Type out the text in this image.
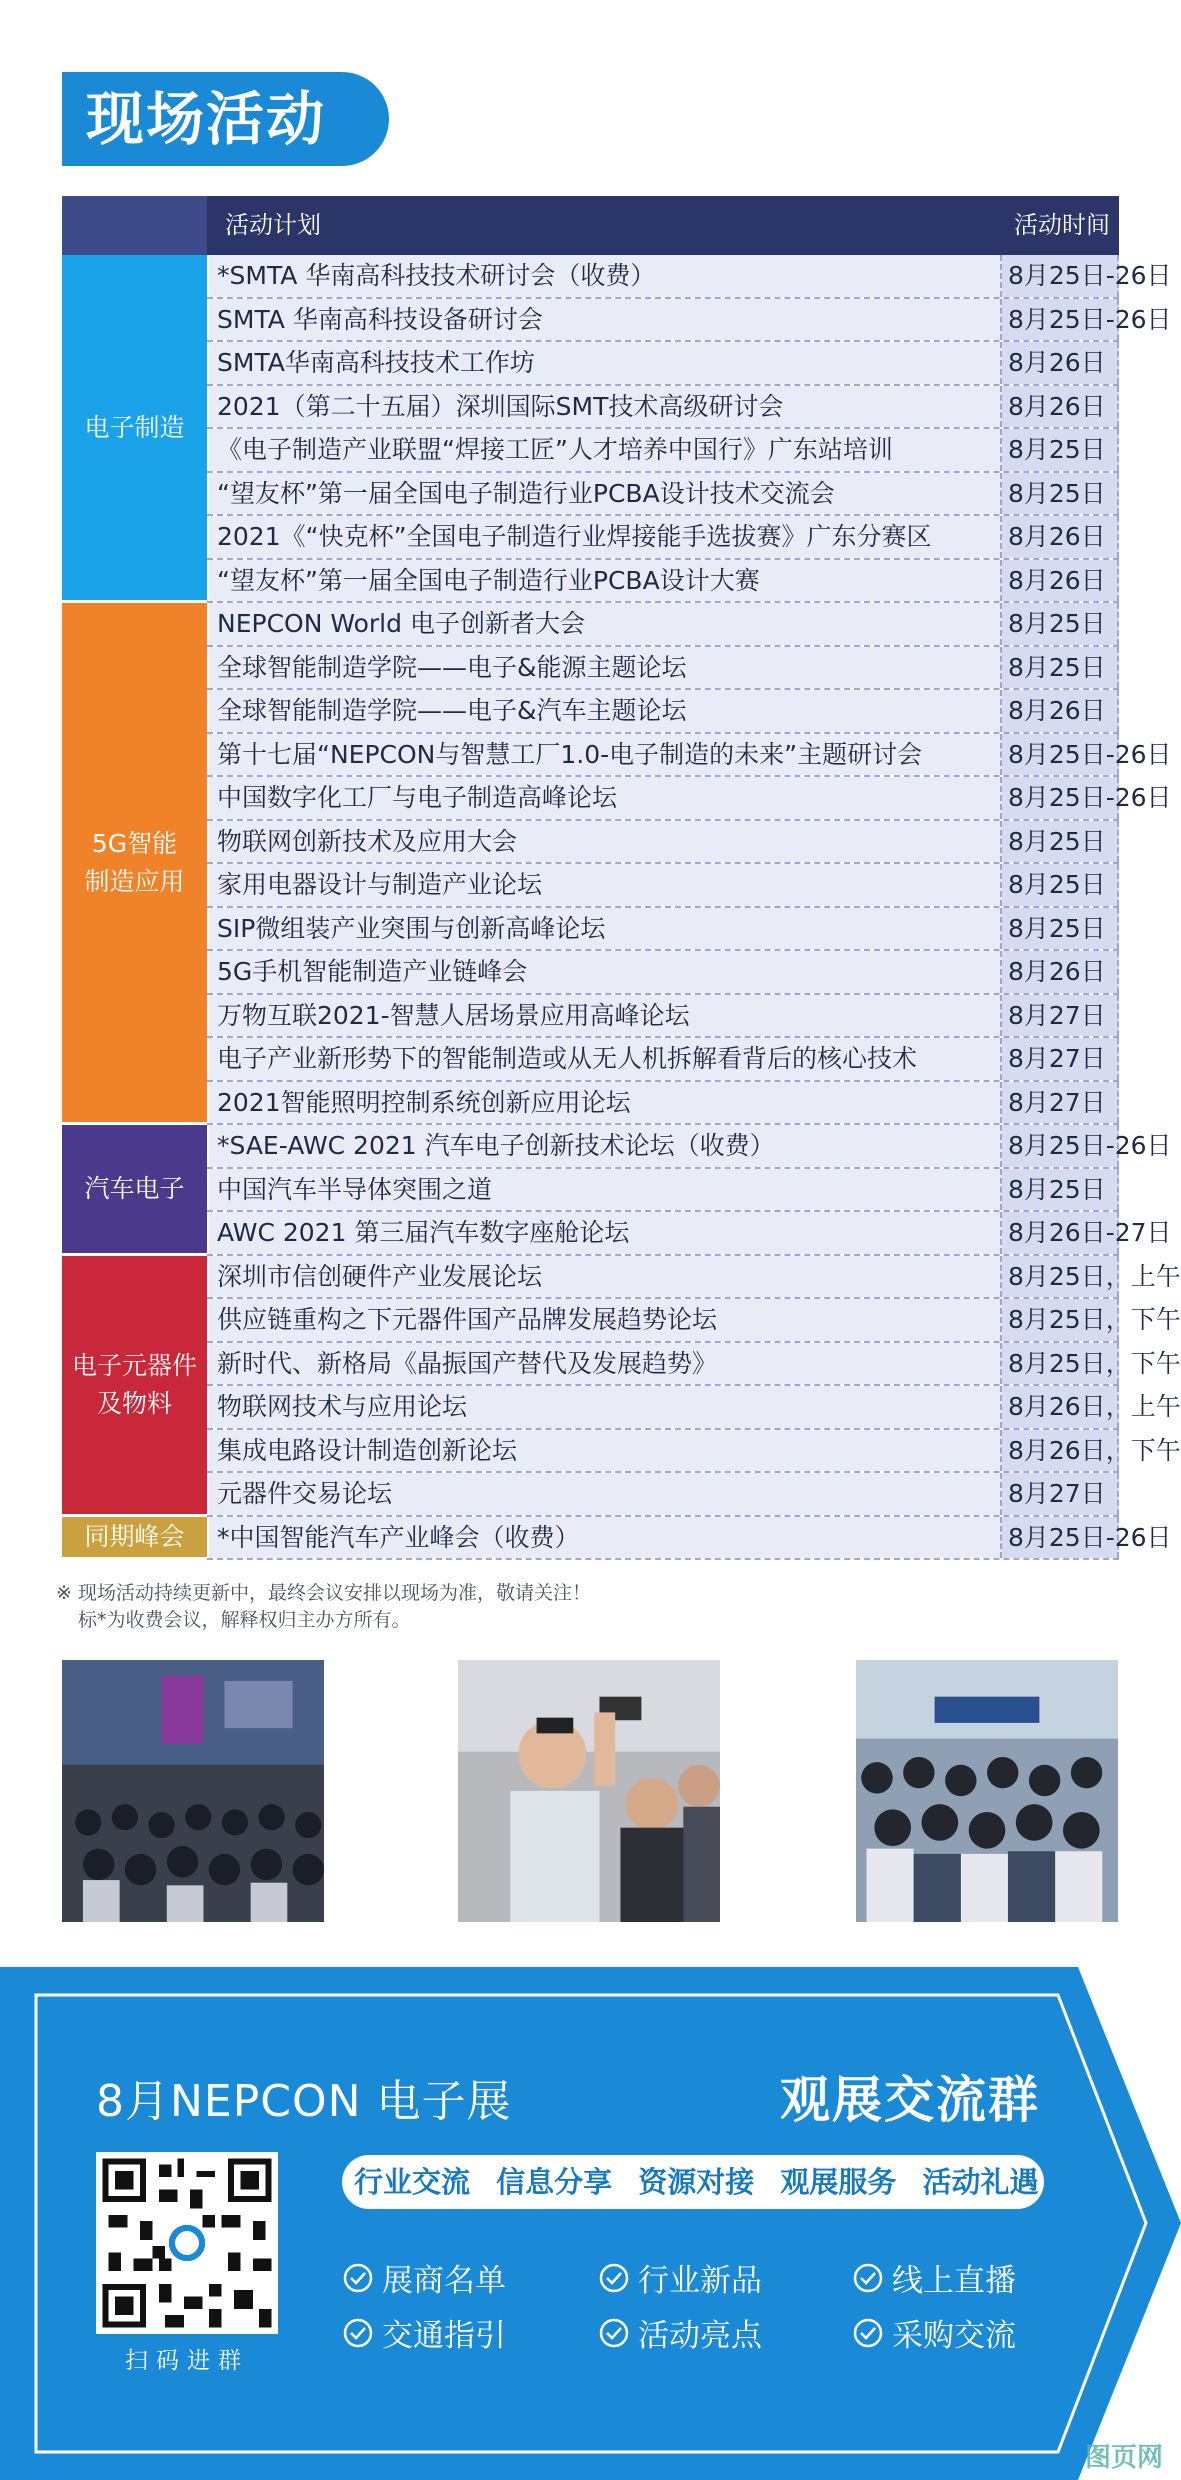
现场活动
活动计划	活动时间
电子制造
*SMTA 华南高科技技术研讨会（收费）	8月25日-26日
SMTA 华南高科技设备研讨会	8月25日-26日
SMTA华南高科技技术工作坊	8月26日
2021（第二十五届）深圳国际SMT技术高级研讨会	8月26日
《电子制造产业联盟“焊接工匠”人才培养中国行》广东站培训	8月25日
“望友杯”第一届全国电子制造行业PCBA设计技术交流会	8月25日
2021《“快克杯”全国电子制造行业焊接能手选拔赛》广东分赛区	8月26日
“望友杯”第一届全国电子制造行业PCBA设计大赛	8月26日
5G智能
制造应用
NEPCON World 电子创新者大会	8月25日
全球智能制造学院——电子&能源主题论坛	8月25日
全球智能制造学院——电子&汽车主题论坛	8月26日
第十七届“NEPCON与智慧工厂1.0-电子制造的未来”主题研讨会	8月25日-26日
中国数字化工厂与电子制造高峰论坛	8月25日-26日
物联网创新技术及应用大会	8月25日
家用电器设计与制造产业论坛	8月25日
SIP微组装产业突围与创新高峰论坛	8月25日
5G手机智能制造产业链峰会	8月26日
万物互联2021-智慧人居场景应用高峰论坛	8月27日
电子产业新形势下的智能制造或从无人机拆解看背后的核心技术	8月27日
2021智能照明控制系统创新应用论坛	8月27日
汽车电子
*SAE-AWC 2021 汽车电子创新技术论坛（收费）	8月25日-26日
中国汽车半导体突围之道	8月25日
AWC 2021 第三届汽车数字座舱论坛	8月26日-27日
电子元器件
及物料
深圳市信创硬件产业发展论坛	8月25日，上午
供应链重构之下元器件国产品牌发展趋势论坛	8月25日，下午
新时代、新格局《晶振国产替代及发展趋势》	8月25日，下午
物联网技术与应用论坛	8月26日，上午
集成电路设计制造创新论坛	8月26日，下午
元器件交易论坛	8月27日
同期峰会	*中国智能汽车产业峰会（收费）	8月25日-26日
※ 现场活动持续更新中，最终会议安排以现场为准，敬请关注！
标*为收费会议，解释权归主办方所有。
8月NEPCON 电子展	观展交流群
行业交流 信息分享 资源对接 观展服务 活动礼遇
扫码进群
展商名单	行业新品	线上直播
交通指引	活动亮点	采购交流
图页网
